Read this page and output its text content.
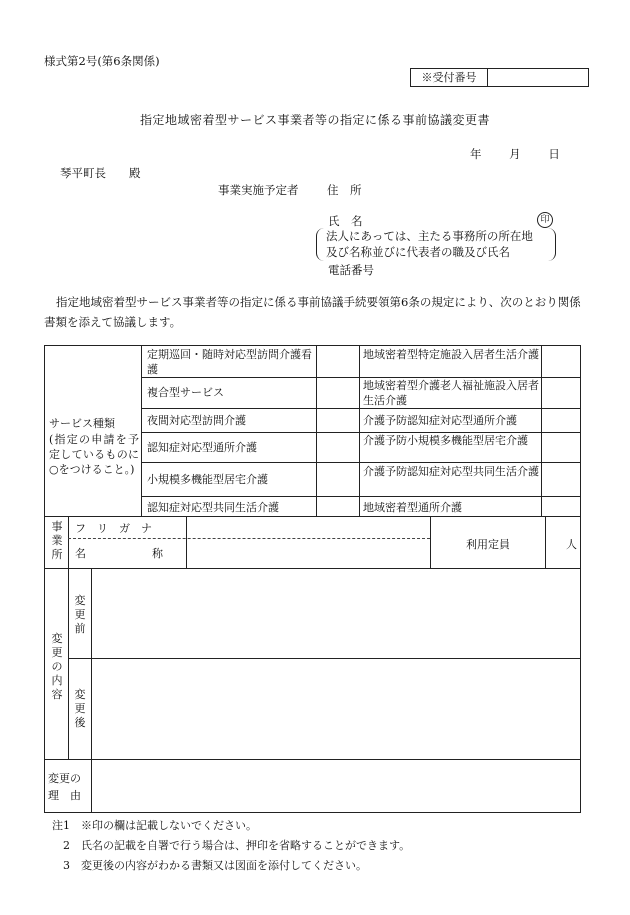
様式第2号(第6条関係)
※受付番号
指定地域密着型サービス事業者等の指定に係る事前協議変更書
年 月 日
琴平町長　　殿
事業実施予定者 住　所
氏　名	印
法人にあっては、主たる事務所の所在地
及び名称並びに代表者の職及び氏名
電話番号
指定地域密着型サービス事業者等の指定に係る事前協議手続要領第6条の規定により、次のとおり関係書類を添えて協議します。
サービス種類
(指定の申請を予定しているものに○をつけること。)
定期巡回・随時対応型訪問介護看護
複合型サービス
夜間対応型訪問介護
認知症対応型通所介護
小規模多機能型居宅介護
認知症対応型共同生活介護
地域密着型特定施設入居者生活介護
地域密着型介護老人福祉施設入居者生活介護
介護予防認知症対応型通所介護
介護予防小規模多機能型居宅介護
介護予防認知症対応型共同生活介護
地域密着型通所介護
事業所
フ　リ　ガ　ナ
名　　　　　　称
利用定員	人
変更の内容
変更前
変更後
変更の
理　由
注1　※印の欄は記載しないでください。
　2　氏名の記載を自署で行う場合は、押印を省略することができます。
　3　変更後の内容がわかる書類又は図面を添付してください。
